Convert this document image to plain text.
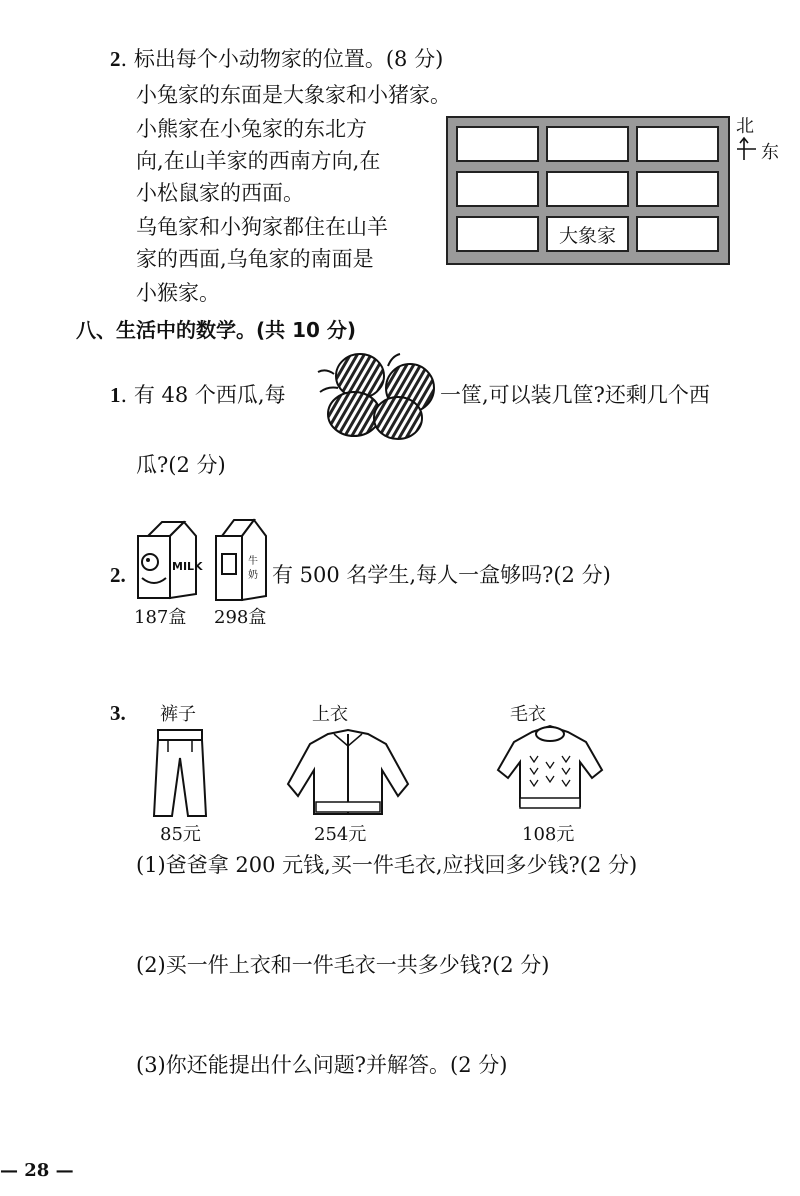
2. 标出每个小动物家的位置。(8 分)
小兔家的东面是大象家和小猪家。
小熊家在小兔家的东北方
向,在山羊家的西南方向,在
小松鼠家的西面。
乌龟家和小狗家都住在山羊
家的西面,乌龟家的南面是
小猴家。
大象家
北
东
八、生活中的数学。(共 10 分)
1. 有 48 个西瓜,每	一筐,可以装几筐?还剩几个西
瓜?(2 分)
2.	MILK	牛
奶 有 500 名学生,每人一盒够吗?(2 分)
187盒 298盒
3. 裤子	上衣	毛衣
85元	254元	108元
(1)爸爸拿 200 元钱,买一件毛衣,应找回多少钱?(2 分)
(2)买一件上衣和一件毛衣一共多少钱?(2 分)
(3)你还能提出什么问题?并解答。(2 分)
— 28 —
